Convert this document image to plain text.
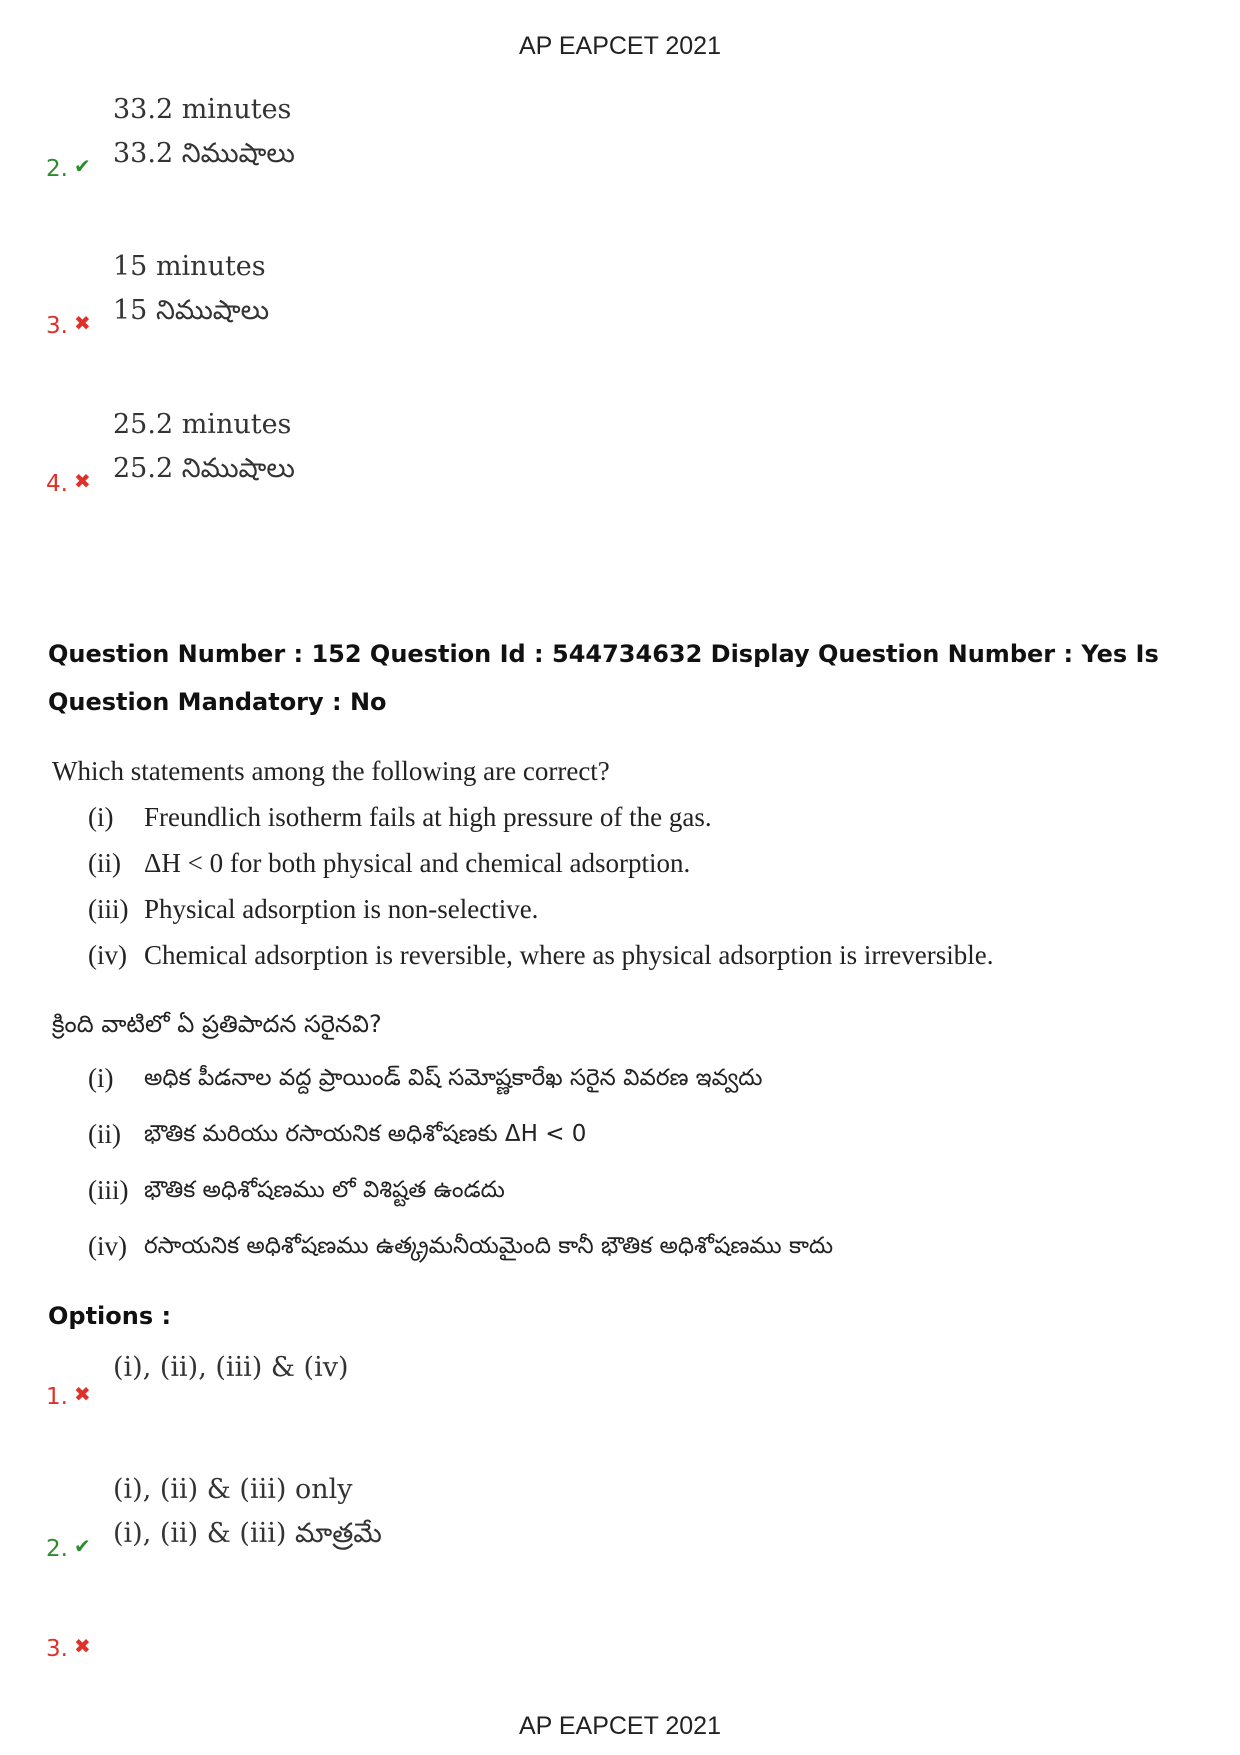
AP EAPCET 2021
2. ✔
33.2 minutes
33.2 నిముషాలు
3. ✖
15 minutes
15 నిముషాలు
4. ✖
25.2 minutes
25.2 నిముషాలు
Question Number : 152 Question Id : 544734632 Display Question Number : Yes Is Question Mandatory : No
Which statements among the following are correct?
(i) Freundlich isotherm fails at high pressure of the gas.
(ii) ΔH < 0 for both physical and chemical adsorption.
(iii) Physical adsorption is non-selective.
(iv) Chemical adsorption is reversible, where as physical adsorption is irreversible.
క్రింది వాటిలో ఏ ప్రతిపాదన సరైనవి?
(i) అధిక పీడనాల వద్ద ప్రాయిండ్ విష్ సమోష్ణకారేఖ సరైన వివరణ ఇవ్వదు
(ii) భౌతిక మరియు రసాయనిక అధిశోషణకు ΔH < 0
(iii) భౌతిక అధిశోషణము లో విశిష్టత ఉండదు
(iv) రసాయనిక అధిశోషణము ఉత్క్రమనీయమైంది కానీ భౌతిక అధిశోషణము కాదు
Options :
1. ✖
(i), (ii), (iii) & (iv)
2. ✔
(i), (ii) & (iii) only
(i), (ii) & (iii) మాత్రమే
3. ✖
AP EAPCET 2021
